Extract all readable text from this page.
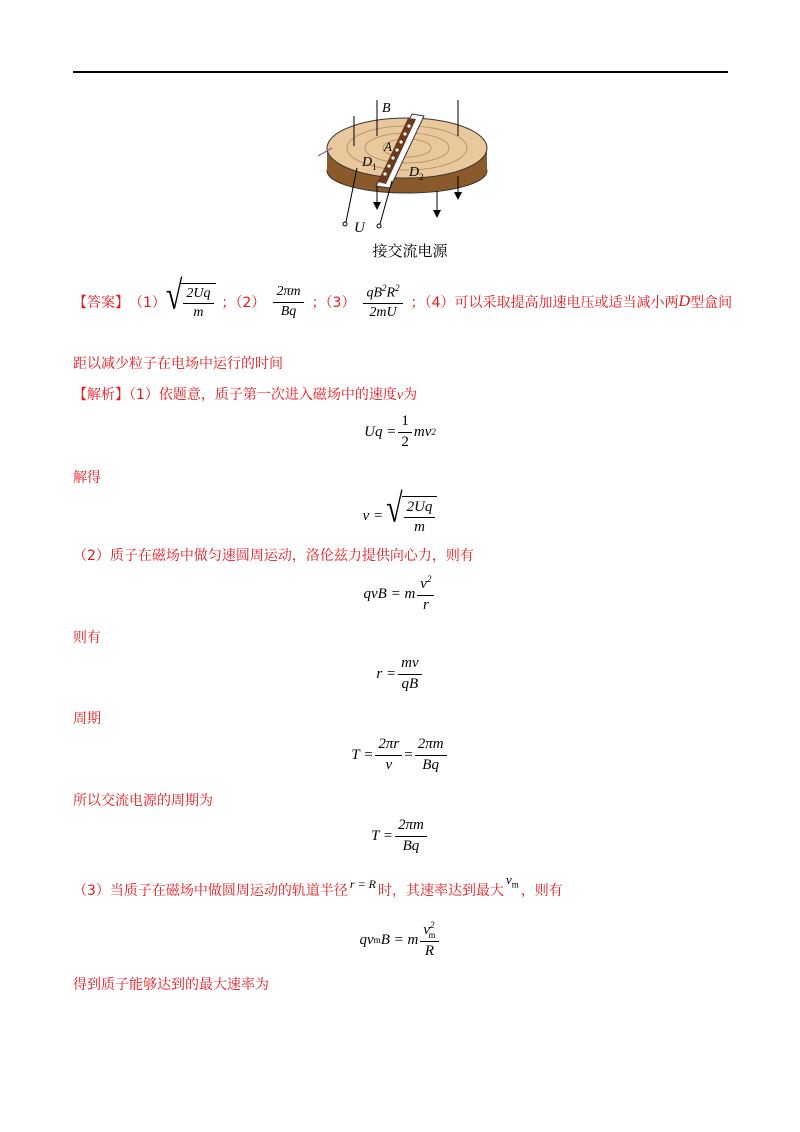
B
A
D 1 D 2
U
接交流电源
【答案】 （1） √ $\frac{2Uq}{m}$ ；$(2) \frac{2\pi m}{Bq}$ ；$(3) \frac{qB^2R^2}{2mU}$ ；（4）可以采取提高加速电压或适当减小两 D 型盒间
距以减少粒子在电场中运行的时间
【解析】（1）依题意，质子第一次进入磁场中的速度v为
$Uq = \frac{1}{2}$ mv 2
解得
v = √ $\frac{2Uq}{m}$
（2）质子在磁场中做匀速圆周运动，洛伦兹力提供向心力，则有
qvB = m $\frac{v^2}{r}$
则有
$r = \frac{mv}{qB}$
周期
$T = \frac{2\pi r}{v} = \frac{2\pi m}{Bq}$
所以交流电源的周期为
$T = \frac{2\pi m}{Bq}$
（3）当质子在磁场中做圆周运动的轨道半径 r = R 时，其速率达到最大
$v_m$ ，则有
qv m B = m $\frac{v^2_m}{R}$
得到质子能够达到的最大速率为
